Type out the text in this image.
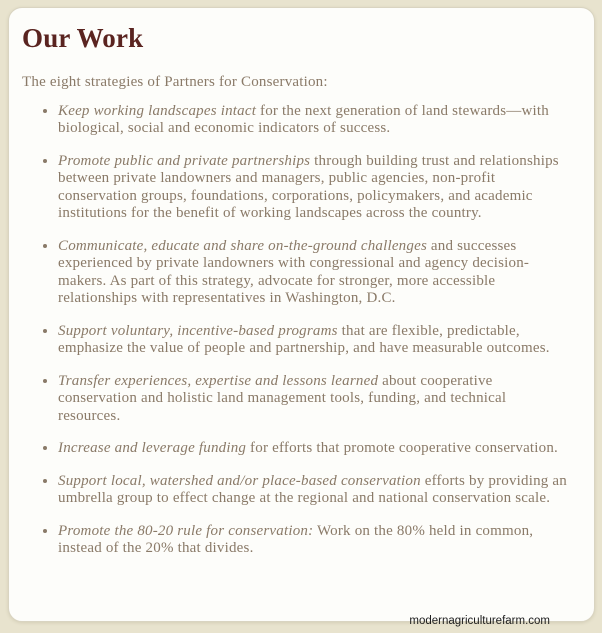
Our Work

The eight strategies of Partners for Conservation:

• Keep working landscapes intact for the next generation of land stewards—with biological, social and economic indicators of success.
• Promote public and private partnerships through building trust and relationships between private landowners and managers, public agencies, non-profit conservation groups, foundations, corporations, policymakers, and academic institutions for the benefit of working landscapes across the country.
• Communicate, educate and share on-the-ground challenges and successes experienced by private landowners with congressional and agency decision-makers. As part of this strategy, advocate for stronger, more accessible relationships with representatives in Washington, D.C.
• Support voluntary, incentive-based programs that are flexible, predictable, emphasize the value of people and partnership, and have measurable outcomes.
• Transfer experiences, expertise and lessons learned about cooperative conservation and holistic land management tools, funding, and technical resources.
• Increase and leverage funding for efforts that promote cooperative conservation.
• Support local, watershed and/or place-based conservation efforts by providing an umbrella group to effect change at the regional and national conservation scale.
• Promote the 80-20 rule for conservation: Work on the 80% held in common, instead of the 20% that divides.
modernagriculturefarm.com
